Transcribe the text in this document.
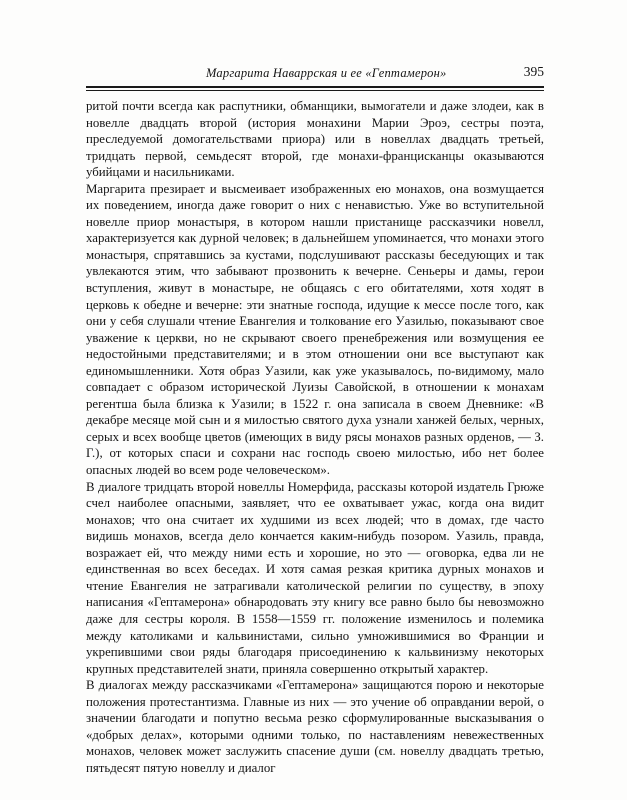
Маргарита Наваррская и ее «Гептамерон»	395

ритой почти всегда как распутники, обманщики, вымогатели и даже злодеи, как в новелле двадцать второй (история монахини Марии Эроэ, сестры поэта, преследуемой домогательствами приора) или в новеллах двадцать третьей, тридцать первой, семьдесят второй, где монахи-францисканцы оказываются убийцами и насильниками.

Маргарита презирает и высмеивает изображенных ею монахов, она возмущается их поведением, иногда даже говорит о них с ненавистью. Уже во вступительной новелле приор монастыря, в котором нашли пристанище рассказчики новелл, характеризуется как дурной человек; в дальнейшем упоминается, что монахи этого монастыря, спрятавшись за кустами, подслушивают рассказы беседующих и так увлекаются этим, что забывают прозвонить к вечерне. Сеньеры и дамы, герои вступления, живут в монастыре, не общаясь с его обитателями, хотя ходят в церковь к обедне и вечерне: эти знатные господа, идущие к мессе после того, как они у себя слушали чтение Евангелия и толкование его Уазилью, показывают свое уважение к церкви, но не скрывают своего пренебрежения или возмущения ее недостойными представителями; и в этом отношении они все выступают как единомышленники. Хотя образ Уазили, как уже указывалось, по-видимому, мало совпадает с образом исторической Луизы Савойской, в отношении к монахам регентша была близка к Уазили; в 1522 г. она записала в своем Дневнике: «В декабре месяце мой сын и я милостью святого духа узнали ханжей белых, черных, серых и всех вообще цветов (имеющих в виду рясы монахов разных орденов, — З. Г.), от которых спаси и сохрани нас господь своею милостью, ибо нет более опасных людей во всем роде человеческом».

В диалоге тридцать второй новеллы Номерфида, рассказы которой издатель Грюже счел наиболее опасными, заявляет, что ее охватывает ужас, когда она видит монахов; что она считает их худшими из всех людей; что в домах, где часто видишь монахов, всегда дело кончается каким-нибудь позором. Уазиль, правда, возражает ей, что между ними есть и хорошие, но это — оговорка, едва ли не единственная во всех беседах. И хотя самая резкая критика дурных монахов и чтение Евангелия не затрагивали католической религии по существу, в эпоху написания «Гептамерона» обнародовать эту книгу все равно было бы невозможно даже для сестры короля. В 1558—1559 гг. положение изменилось и полемика между католиками и кальвинистами, сильно умножившимися во Франции и укрепившими свои ряды благодаря присоединению к кальвинизму некоторых крупных представителей знати, приняла совершенно открытый характер.

В диалогах между рассказчиками «Гептамерона» защищаются порою и некоторые положения протестантизма. Главные из них — это учение об оправдании верой, о значении благодати и попутно весьма резко сформулированные высказывания о «добрых делах», которыми одними только, по наставлениям невежественных монахов, человек может заслужить спасение души (см. новеллу двадцать третью, пятьдесят пятую новеллу и диалог
